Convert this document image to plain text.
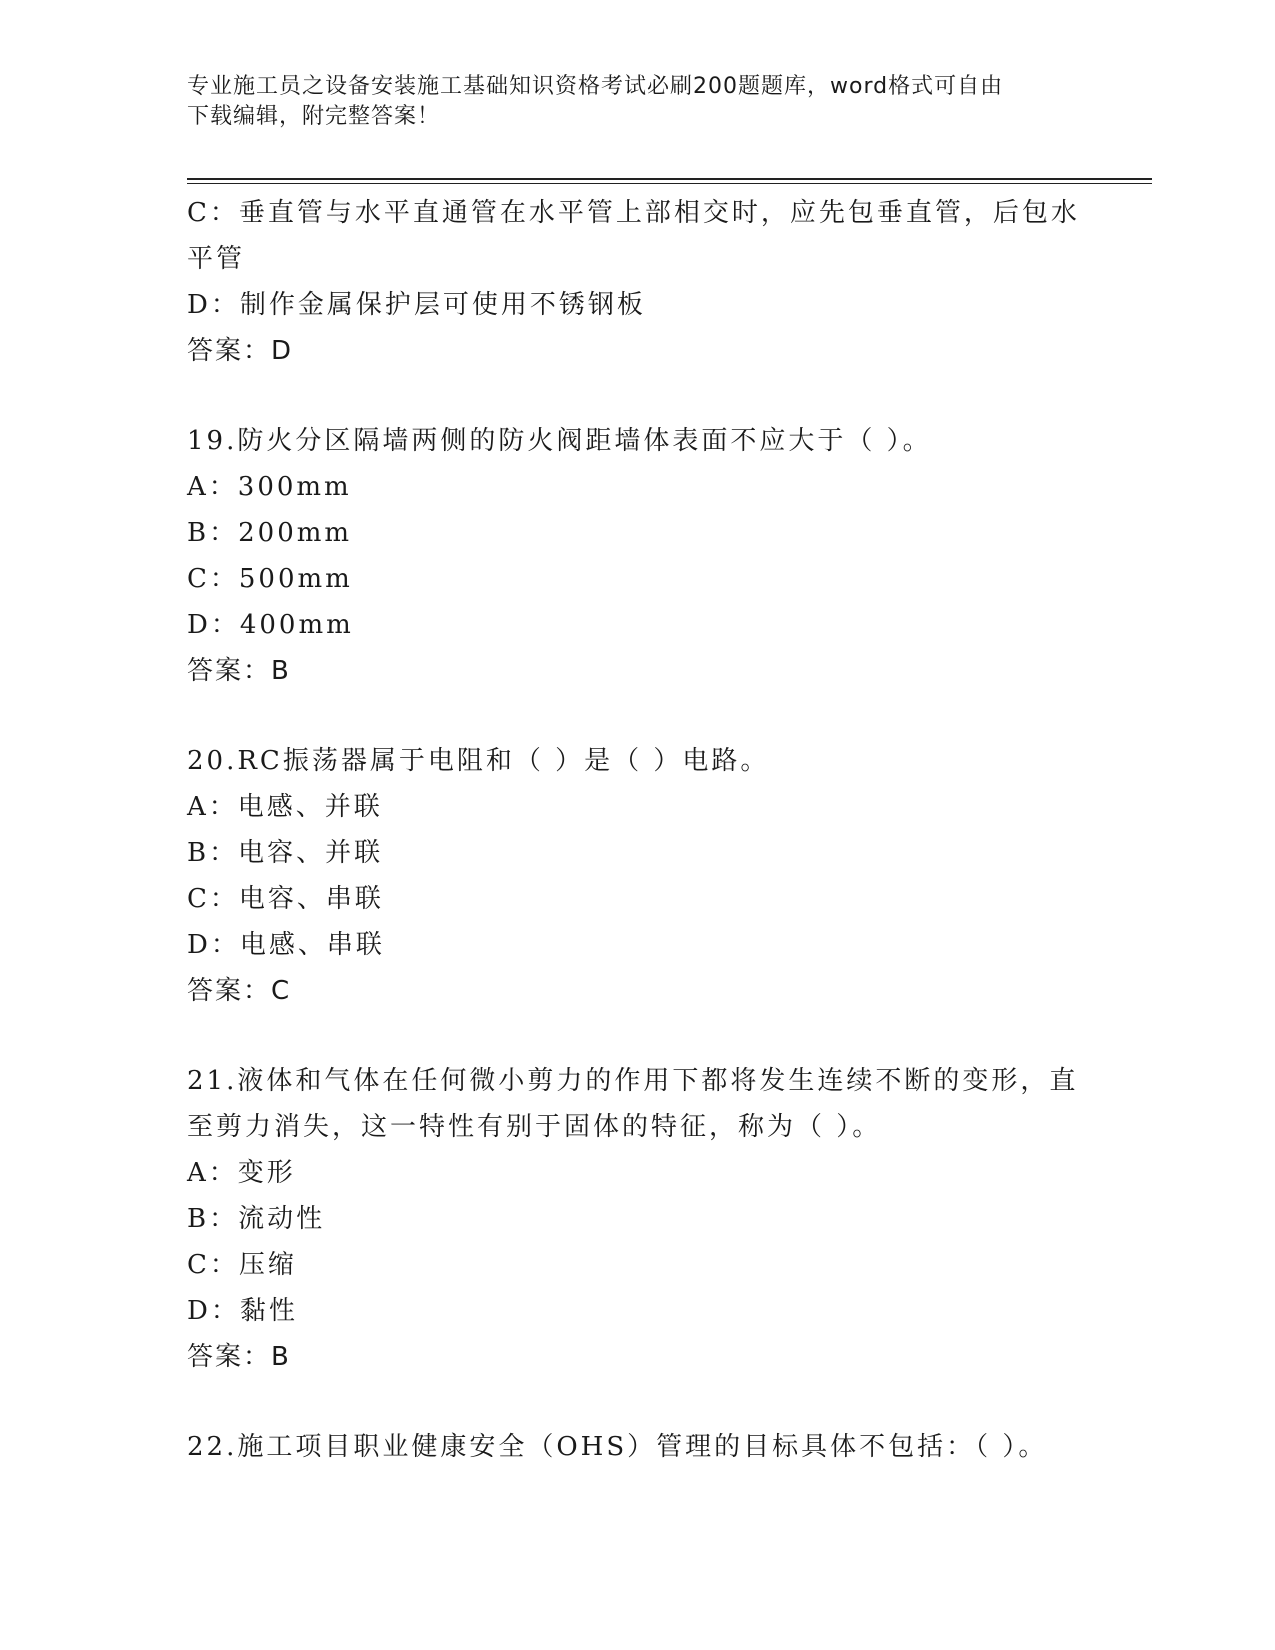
专业施工员之设备安装施工基础知识资格考试必刷200题题库，word格式可自由
下载编辑，附完整答案！
C：垂直管与水平直通管在水平管上部相交时，应先包垂直管，后包水
平管
D：制作金属保护层可使用不锈钢板
答案：D
19.防火分区隔墙两侧的防火阀距墙体表面不应大于（ ）。
A：300mm
B：200mm
C：500mm
D：400mm
答案：B
20.RC振荡器属于电阻和（ ）是（ ）电路。
A：电感、并联
B：电容、并联
C：电容、串联
D：电感、串联
答案：C
21.液体和气体在任何微小剪力的作用下都将发生连续不断的变形，直
至剪力消失，这一特性有别于固体的特征，称为（ ）。
A：变形
B：流动性
C：压缩
D：黏性
答案：B
22.施工项目职业健康安全（OHS）管理的目标具体不包括：（ ）。
